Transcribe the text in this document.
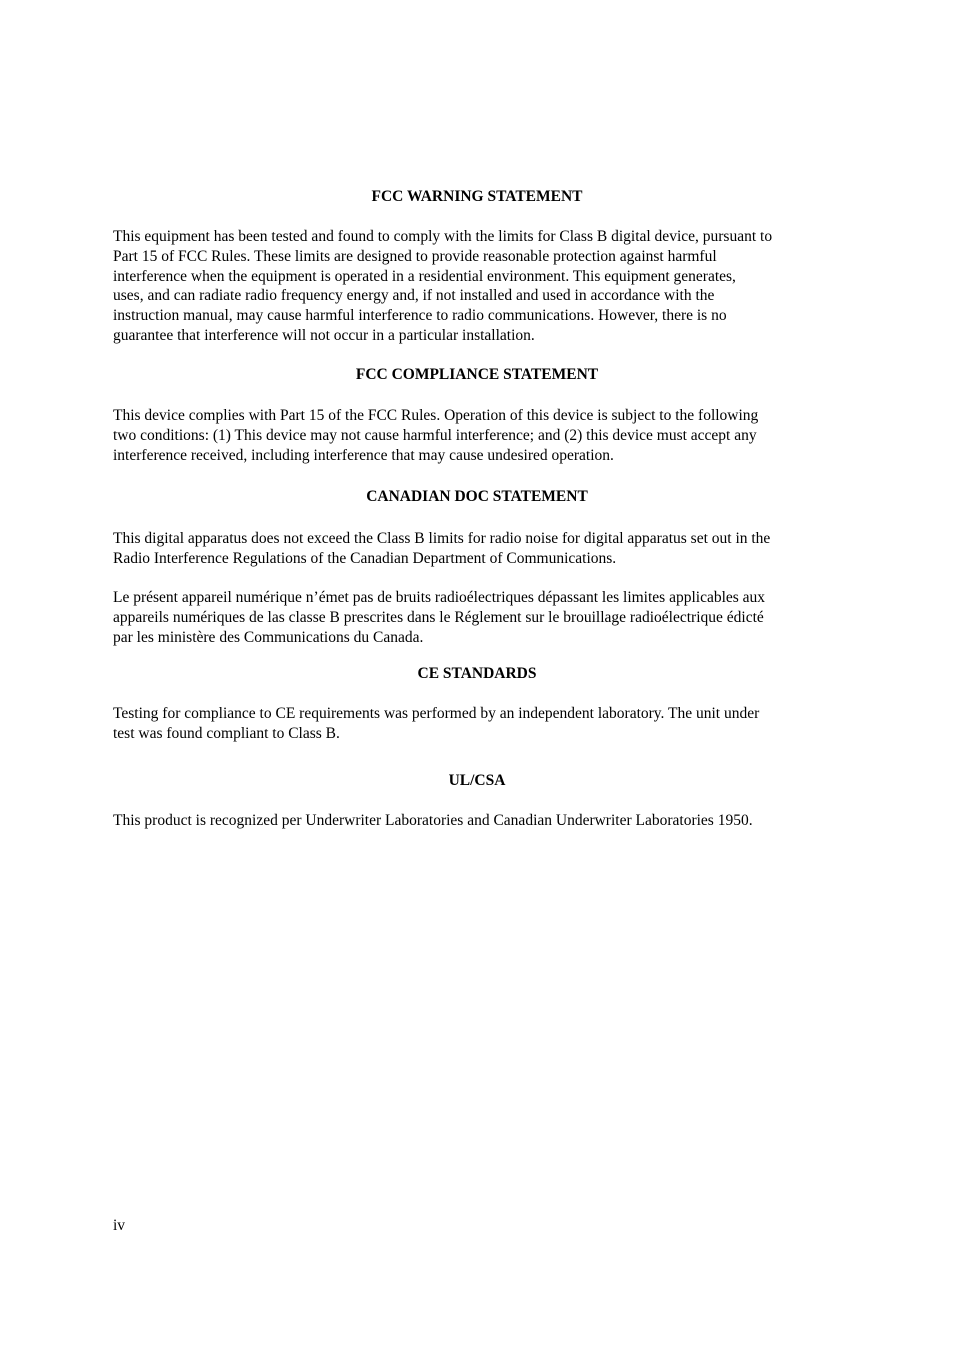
FCC WARNING STATEMENT

This equipment has been tested and found to comply with the limits for Class B digital device, pursuant to
Part 15 of FCC Rules. These limits are designed to provide reasonable protection against harmful
interference when the equipment is operated in a residential environment. This equipment generates,
uses, and can radiate radio frequency energy and, if not installed and used in accordance with the
instruction manual, may cause harmful interference to radio communications. However, there is no
guarantee that interference will not occur in a particular installation.

FCC COMPLIANCE STATEMENT

This device complies with Part 15 of the FCC Rules. Operation of this device is subject to the following
two conditions: (1) This device may not cause harmful interference; and (2) this device must accept any
interference received, including interference that may cause undesired operation.

CANADIAN DOC STATEMENT

This digital apparatus does not exceed the Class B limits for radio noise for digital apparatus set out in the
Radio Interference Regulations of the Canadian Department of Communications.

Le présent appareil numérique n’émet pas de bruits radioélectriques dépassant les limites applicables aux
appareils numériques de las classe B prescrites dans le Réglement sur le brouillage radioélectrique édicté
par les ministère des Communications du Canada.

CE STANDARDS

Testing for compliance to CE requirements was performed by an independent laboratory. The unit under
test was found compliant to Class B.

UL/CSA

This product is recognized per Underwriter Laboratories and Canadian Underwriter Laboratories 1950.

iv
